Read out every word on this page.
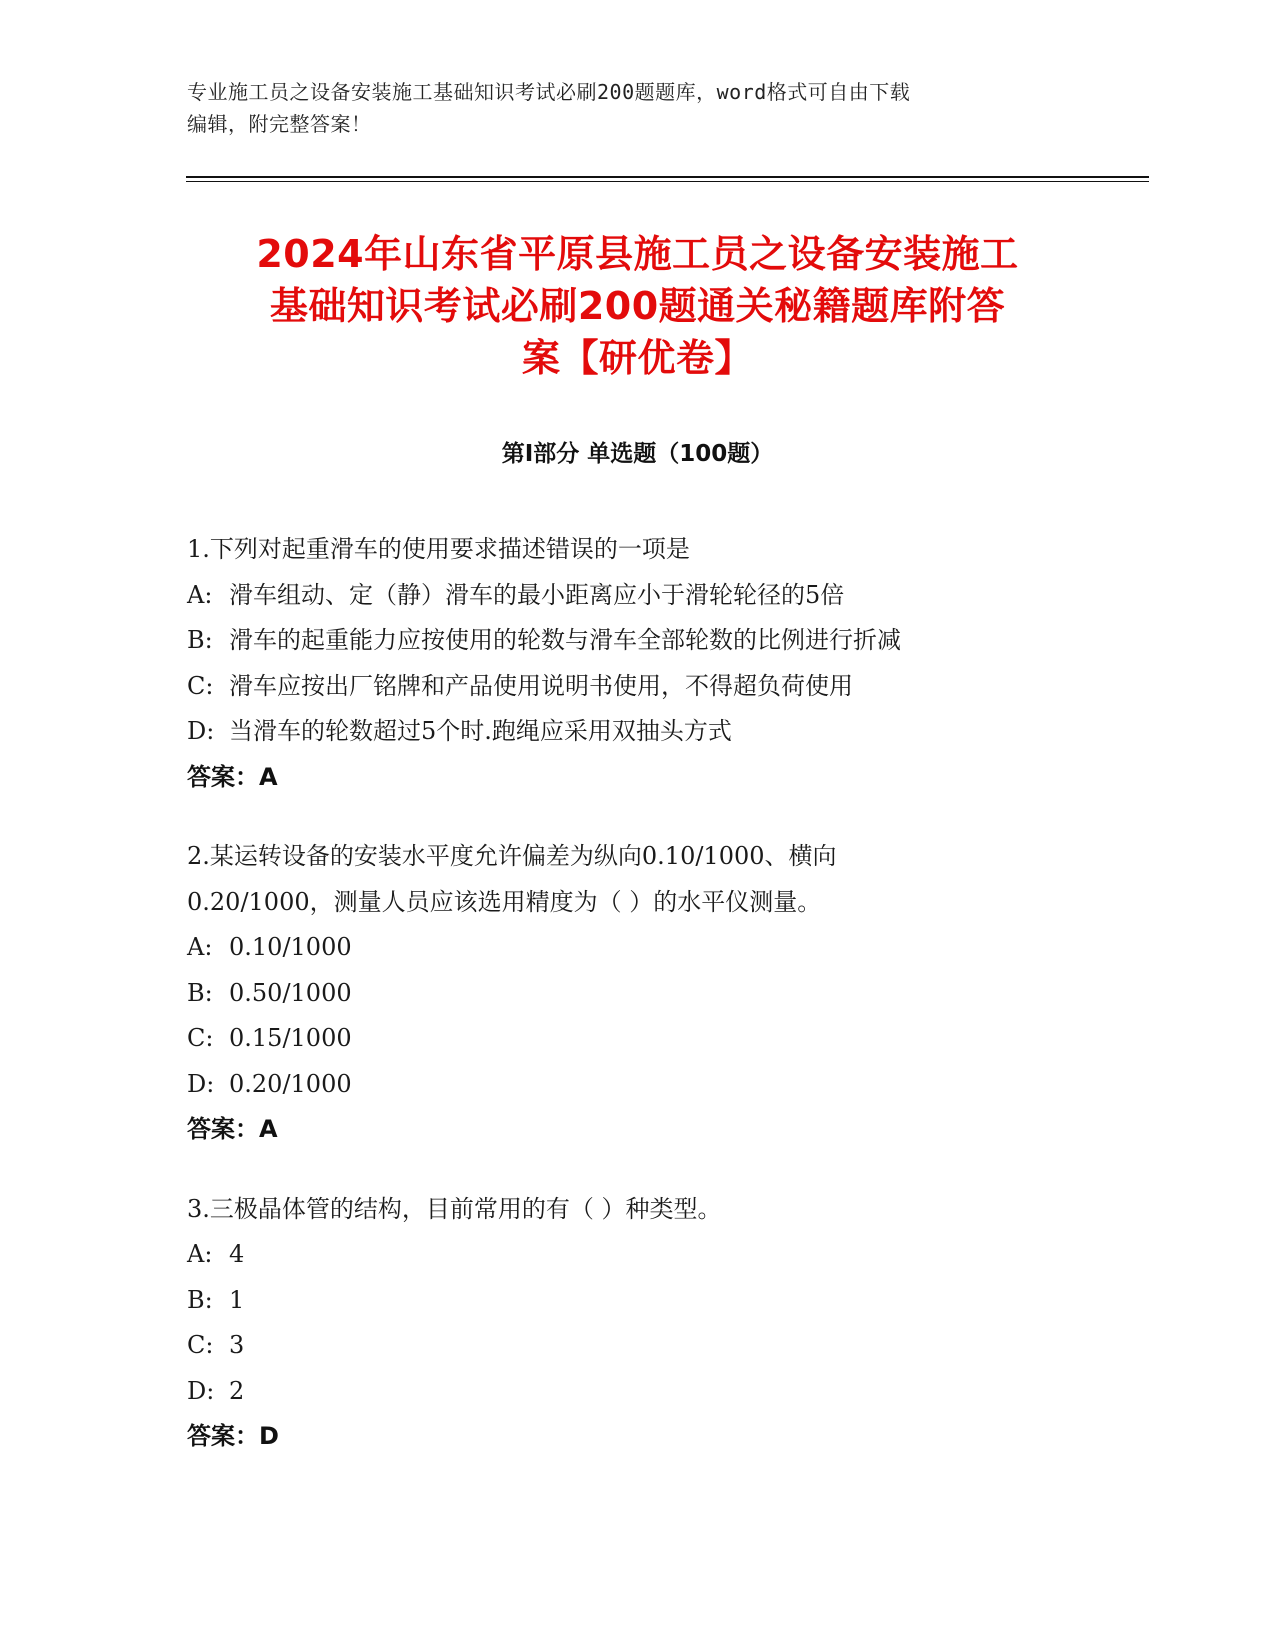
专业施工员之设备安装施工基础知识考试必刷200题题库，word格式可自由下载
编辑，附完整答案！
2024年山东省平原县施工员之设备安装施工
基础知识考试必刷200题通关秘籍题库附答
案【研优卷】
第Ⅰ部分 单选题（100题）
1.下列对起重滑车的使用要求描述错误的一项是
A: 滑车组动、定（静）滑车的最小距离应小于滑轮轮径的5倍
B: 滑车的起重能力应按使用的轮数与滑车全部轮数的比例进行折减
C: 滑车应按出厂铭牌和产品使用说明书使用，不得超负荷使用
D: 当滑车的轮数超过5个时.跑绳应采用双抽头方式
答案：A
2.某运转设备的安装水平度允许偏差为纵向0.10/1000、横向
0.20/1000，测量人员应该选用精度为（ ）的水平仪测量。
A: 0.10/1000
B: 0.50/1000
C: 0.15/1000
D: 0.20/1000
答案：A
3.三极晶体管的结构，目前常用的有（ ）种类型。
A: 4
B: 1
C: 3
D: 2
答案：D
